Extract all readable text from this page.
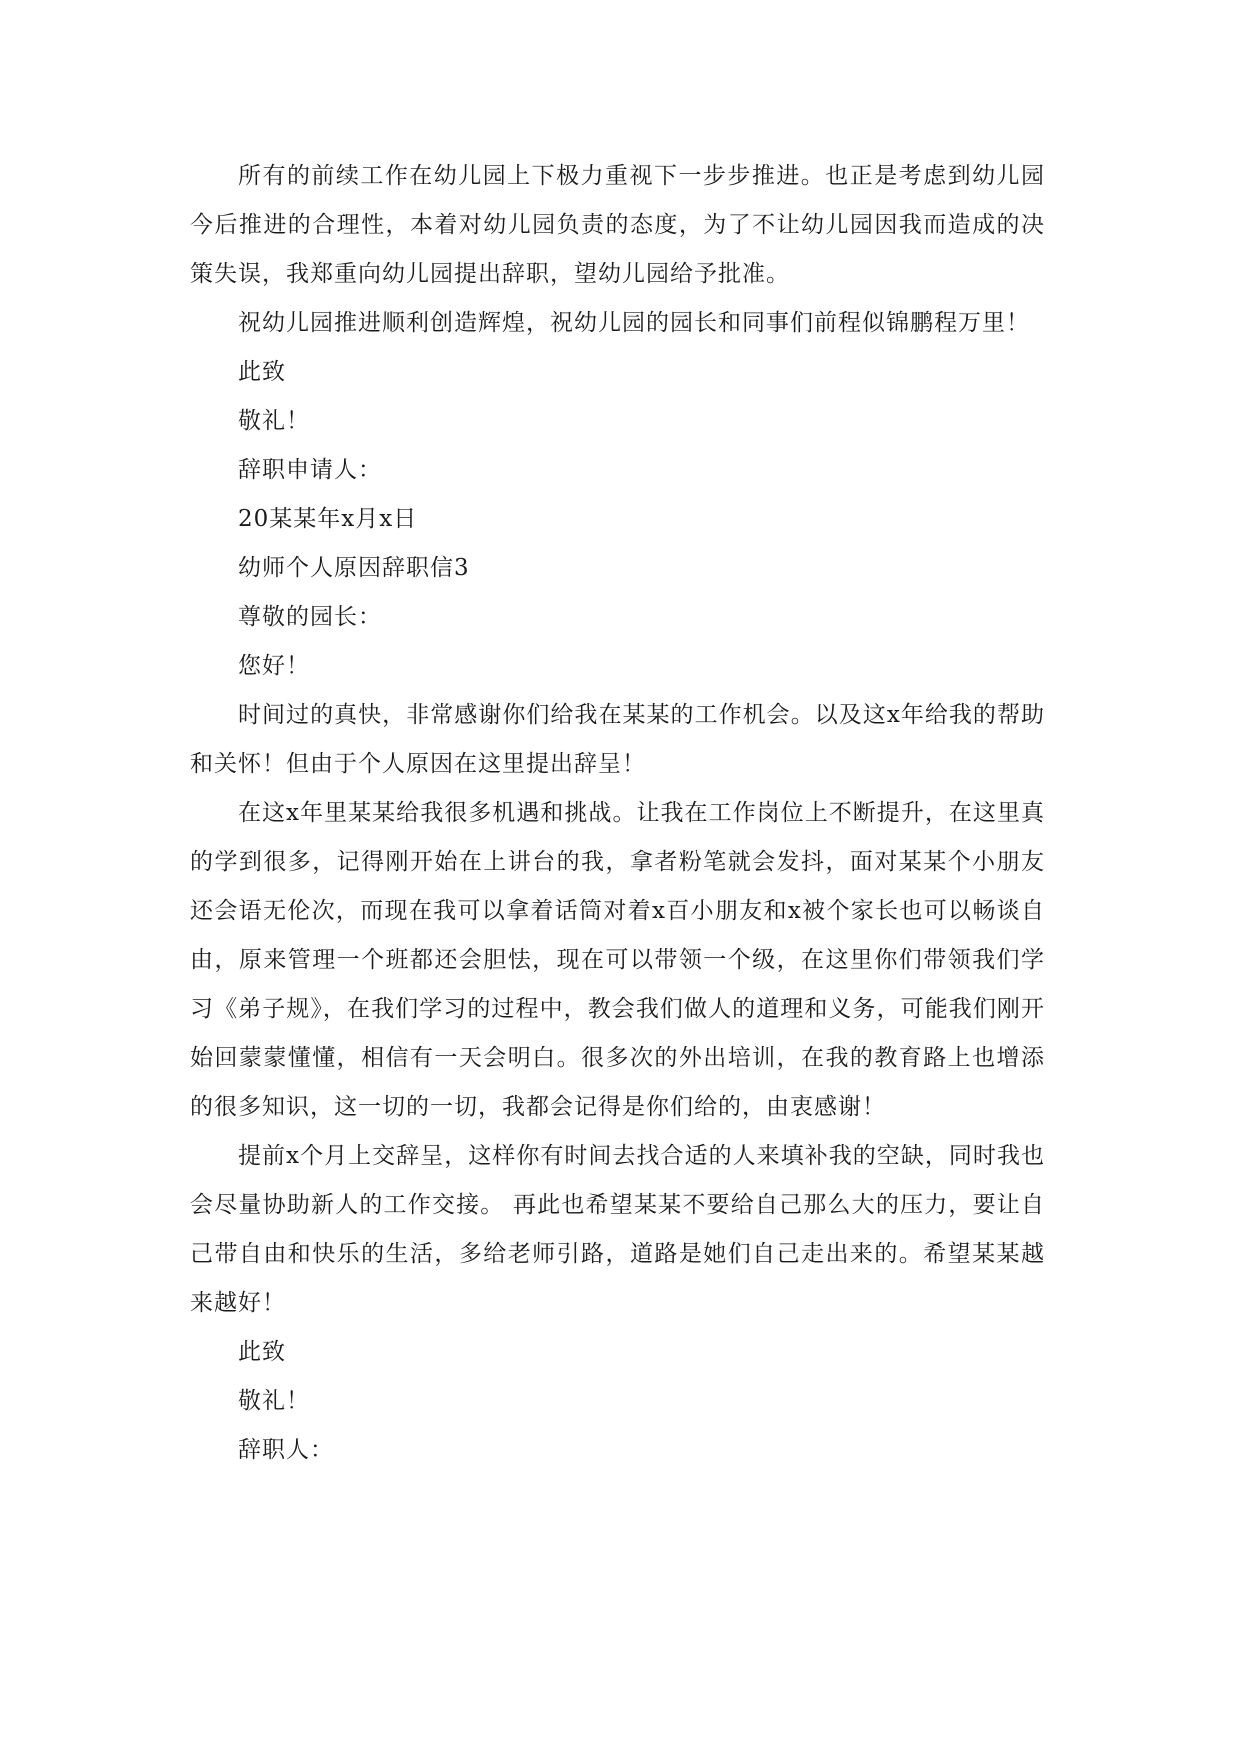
所有的前续工作在幼儿园上下极力重视下一步步推进。也正是考虑到幼儿园今后推进的合理性，本着对幼儿园负责的态度，为了不让幼儿园因我而造成的决策失误，我郑重向幼儿园提出辞职，望幼儿园给予批准。

祝幼儿园推进顺利创造辉煌，祝幼儿园的园长和同事们前程似锦鹏程万里！

此致

敬礼！

辞职申请人：

20某某年x月x日

幼师个人原因辞职信3

尊敬的园长：

您好！

时间过的真快，非常感谢你们给我在某某的工作机会。以及这x年给我的帮助和关怀！但由于个人原因在这里提出辞呈！

在这x年里某某给我很多机遇和挑战。让我在工作岗位上不断提升，在这里真的学到很多，记得刚开始在上讲台的我，拿者粉笔就会发抖，面对某某个小朋友还会语无伦次，而现在我可以拿着话筒对着x百小朋友和x被个家长也可以畅谈自由，原来管理一个班都还会胆怯，现在可以带领一个级，在这里你们带领我们学习《弟子规》，在我们学习的过程中，教会我们做人的道理和义务，可能我们刚开始回蒙蒙懂懂，相信有一天会明白。很多次的外出培训，在我的教育路上也增添的很多知识，这一切的一切，我都会记得是你们给的，由衷感谢！

提前x个月上交辞呈，这样你有时间去找合适的人来填补我的空缺，同时我也会尽量协助新人的工作交接。 再此也希望某某不要给自己那么大的压力，要让自己带自由和快乐的生活，多给老师引路，道路是她们自己走出来的。希望某某越来越好！

此致

敬礼！

辞职人：
